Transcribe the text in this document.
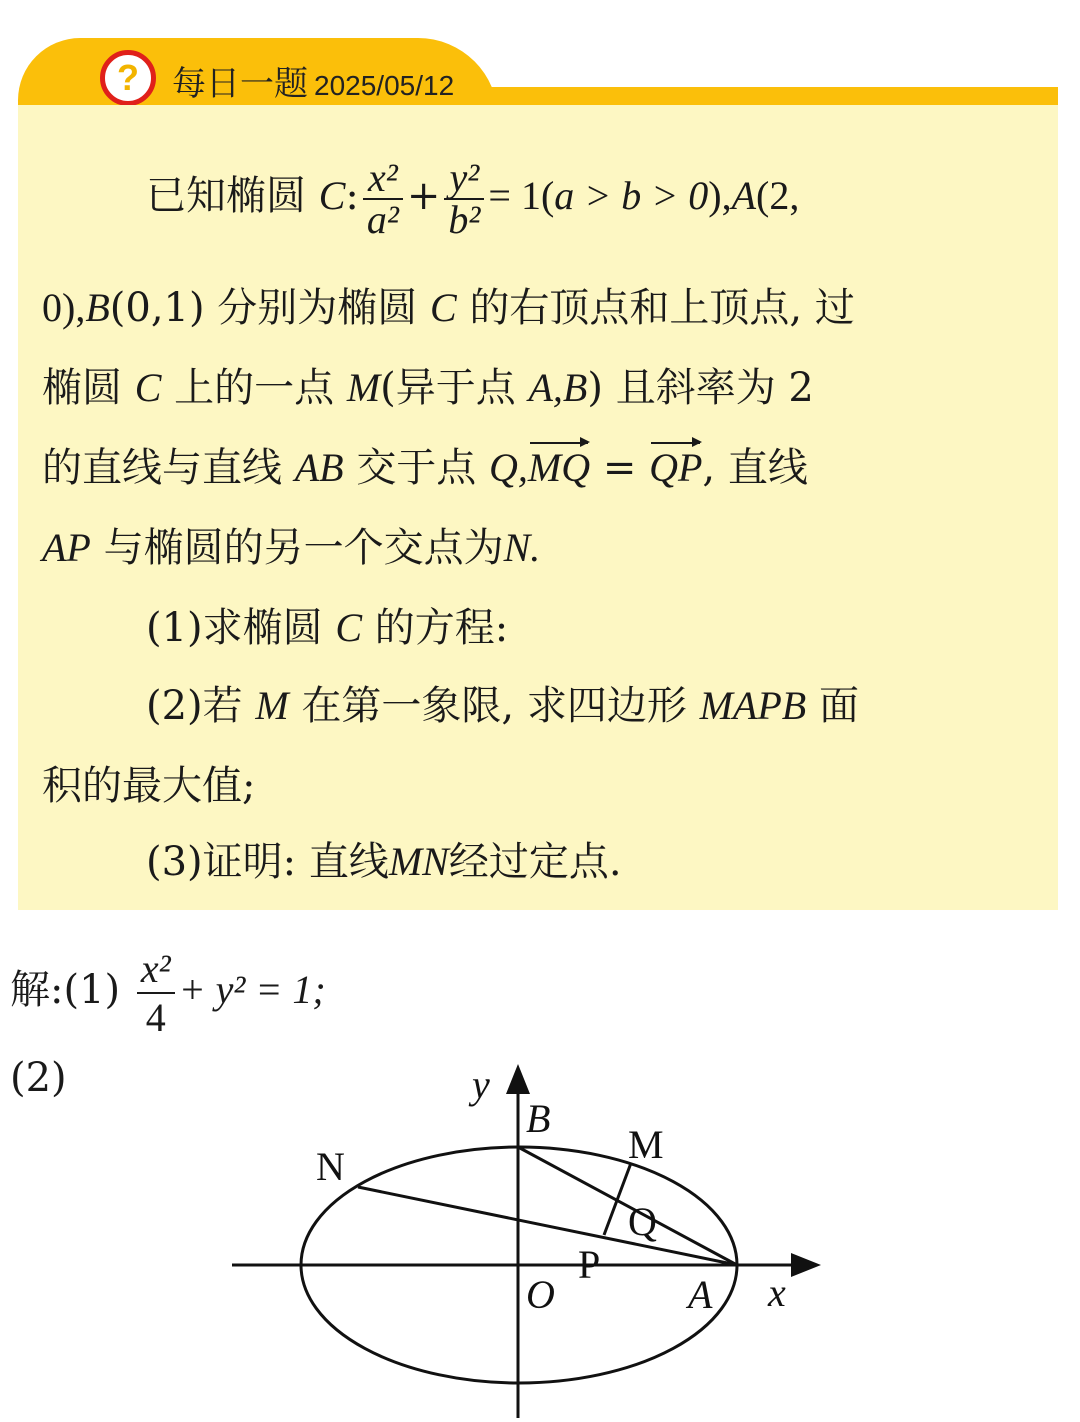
? 每日一题 2025/05/12
已知椭圆 C: $\frac{\text{x²}}{\text{a²}} + \frac{\text{y²}}{\text{b²}} = 1(a > b > 0),A(2$,
0),B(0,1) 分别为椭圆 C 的右顶点和上顶点, 过
椭圆 C 上的一点 M(异于点 A,B) 且斜率为 2
的直线与直线 AB 交于点 Q,MQ = QP, 直线
AP 与椭圆的另一个交点为N.
(1)求椭圆 C 的方程:
(2)若 M 在第一象限, 求四边形 MAPB 面
积的最大值;
(3)证明: 直线MN经过定点.
解:(1) $\frac{\text{x²}}{4} + y^2 = 1$;
(2)	y
B
N	M
Q
P
O	A x
